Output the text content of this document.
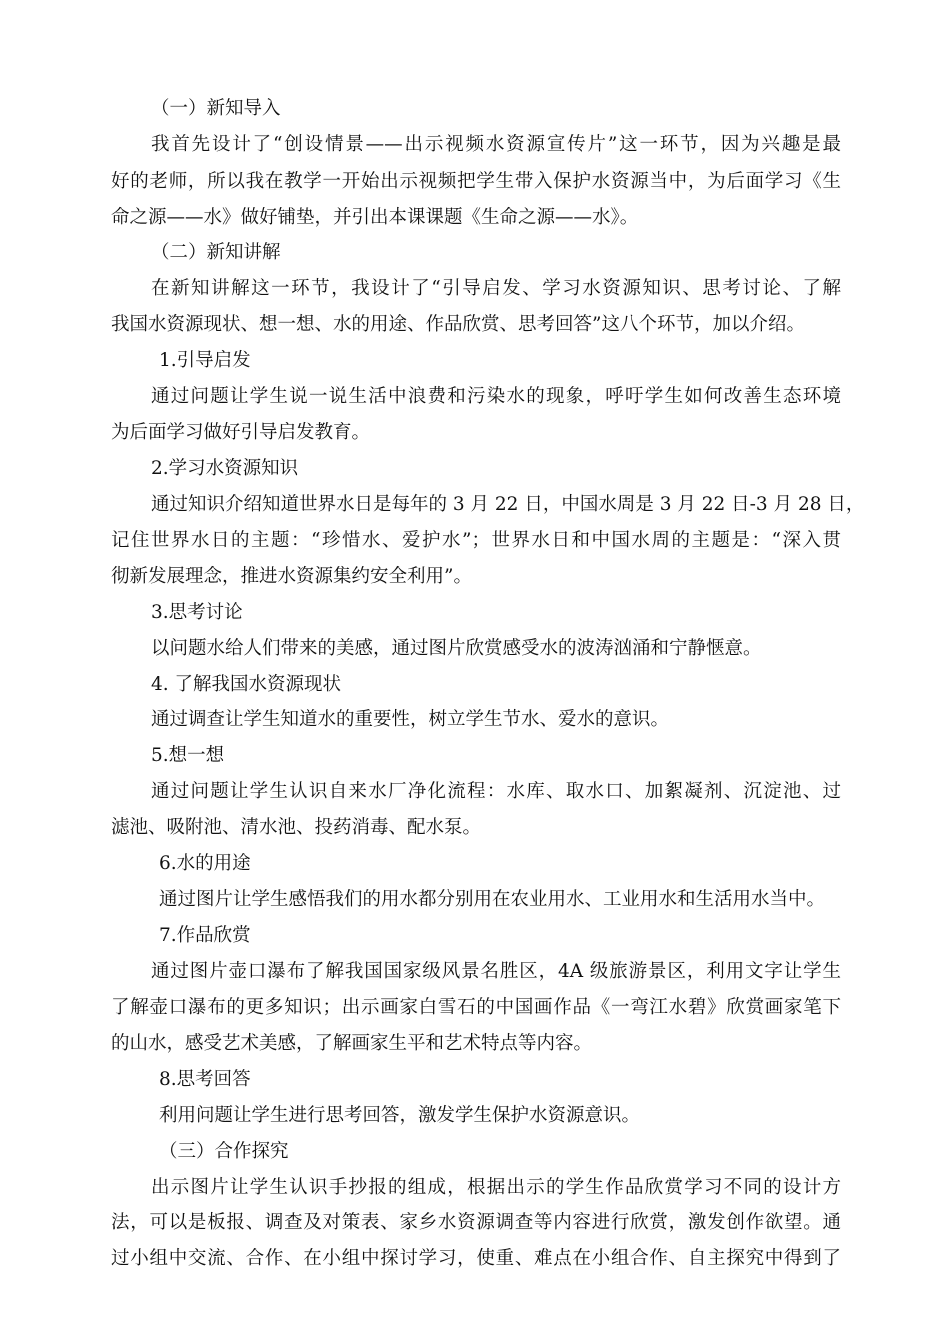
（一）新知导入

我首先设计了“创设情景——出示视频水资源宣传片”这一环节，因为兴趣是最

好的老师，所以我在教学一开始出示视频把学生带入保护水资源当中，为后面学习《生

命之源——水》做好铺垫，并引出本课课题《生命之源——水》。

（二）新知讲解

在新知讲解这一环节，我设计了“引导启发、学习水资源知识、思考讨论、了解

我国水资源现状、想一想、水的用途、作品欣赏、思考回答”这八个环节，加以介绍。

1.引导启发

通过问题让学生说一说生活中浪费和污染水的现象，呼吁学生如何改善生态环境

为后面学习做好引导启发教育。

2.学习水资源知识

通过知识介绍知道世界水日是每年的 3 月 22 日，中国水周是 3 月 22 日-3 月 28 日，

记住世界水日的主题：“珍惜水、爱护水”；世界水日和中国水周的主题是：“深入贯

彻新发展理念，推进水资源集约安全利用”。

3.思考讨论

以问题水给人们带来的美感，通过图片欣赏感受水的波涛汹涌和宁静惬意。

4. 了解我国水资源现状

通过调查让学生知道水的重要性，树立学生节水、爱水的意识。

5.想一想

通过问题让学生认识自来水厂净化流程：水库、取水口、加絮凝剂、沉淀池、过

滤池、吸附池、清水池、投药消毒、配水泵。

6.水的用途

通过图片让学生感悟我们的用水都分别用在农业用水、工业用水和生活用水当中。

7.作品欣赏

通过图片壶口瀑布了解我国国家级风景名胜区，4A 级旅游景区，利用文字让学生

了解壶口瀑布的更多知识；出示画家白雪石的中国画作品《一弯江水碧》欣赏画家笔下

的山水，感受艺术美感，了解画家生平和艺术特点等内容。

8.思考回答

利用问题让学生进行思考回答，激发学生保护水资源意识。

（三）合作探究

出示图片让学生认识手抄报的组成，根据出示的学生作品欣赏学习不同的设计方

法，可以是板报、调查及对策表、家乡水资源调查等内容进行欣赏，激发创作欲望。通

过小组中交流、合作、在小组中探讨学习，使重、难点在小组合作、自主探究中得到了
